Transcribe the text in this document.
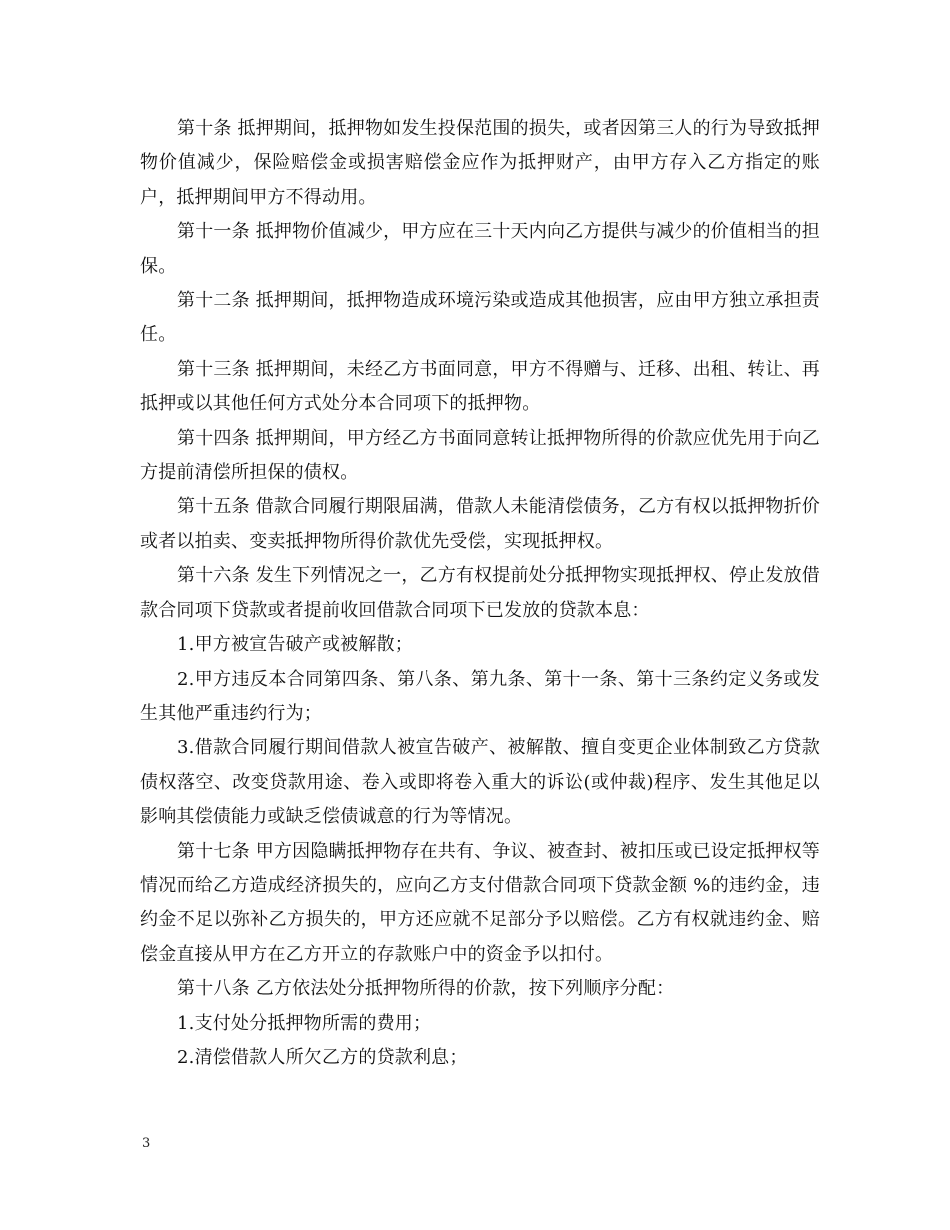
第十条 抵押期间，抵押物如发生投保范围的损失，或者因第三人的行为导致抵押物价值减少，保险赔偿金或损害赔偿金应作为抵押财产，由甲方存入乙方指定的账户，抵押期间甲方不得动用。

第十一条 抵押物价值减少，甲方应在三十天内向乙方提供与减少的价值相当的担保。

第十二条 抵押期间，抵押物造成环境污染或造成其他损害，应由甲方独立承担责任。

第十三条 抵押期间，未经乙方书面同意，甲方不得赠与、迁移、出租、转让、再抵押或以其他任何方式处分本合同项下的抵押物。

第十四条 抵押期间，甲方经乙方书面同意转让抵押物所得的价款应优先用于向乙方提前清偿所担保的债权。

第十五条 借款合同履行期限届满，借款人未能清偿债务，乙方有权以抵押物折价或者以拍卖、变卖抵押物所得价款优先受偿，实现抵押权。

第十六条 发生下列情况之一，乙方有权提前处分抵押物实现抵押权、停止发放借款合同项下贷款或者提前收回借款合同项下已发放的贷款本息：

1.甲方被宣告破产或被解散；

2.甲方违反本合同第四条、第八条、第九条、第十一条、第十三条约定义务或发生其他严重违约行为；

3.借款合同履行期间借款人被宣告破产、被解散、擅自变更企业体制致乙方贷款债权落空、改变贷款用途、卷入或即将卷入重大的诉讼(或仲裁)程序、发生其他足以影响其偿债能力或缺乏偿债诚意的行为等情况。

第十七条 甲方因隐瞒抵押物存在共有、争议、被查封、被扣压或已设定抵押权等情况而给乙方造成经济损失的，应向乙方支付借款合同项下贷款金额 %的违约金，违约金不足以弥补乙方损失的，甲方还应就不足部分予以赔偿。乙方有权就违约金、赔偿金直接从甲方在乙方开立的存款账户中的资金予以扣付。

第十八条 乙方依法处分抵押物所得的价款，按下列顺序分配：

1.支付处分抵押物所需的费用；

2.清偿借款人所欠乙方的贷款利息；

3
